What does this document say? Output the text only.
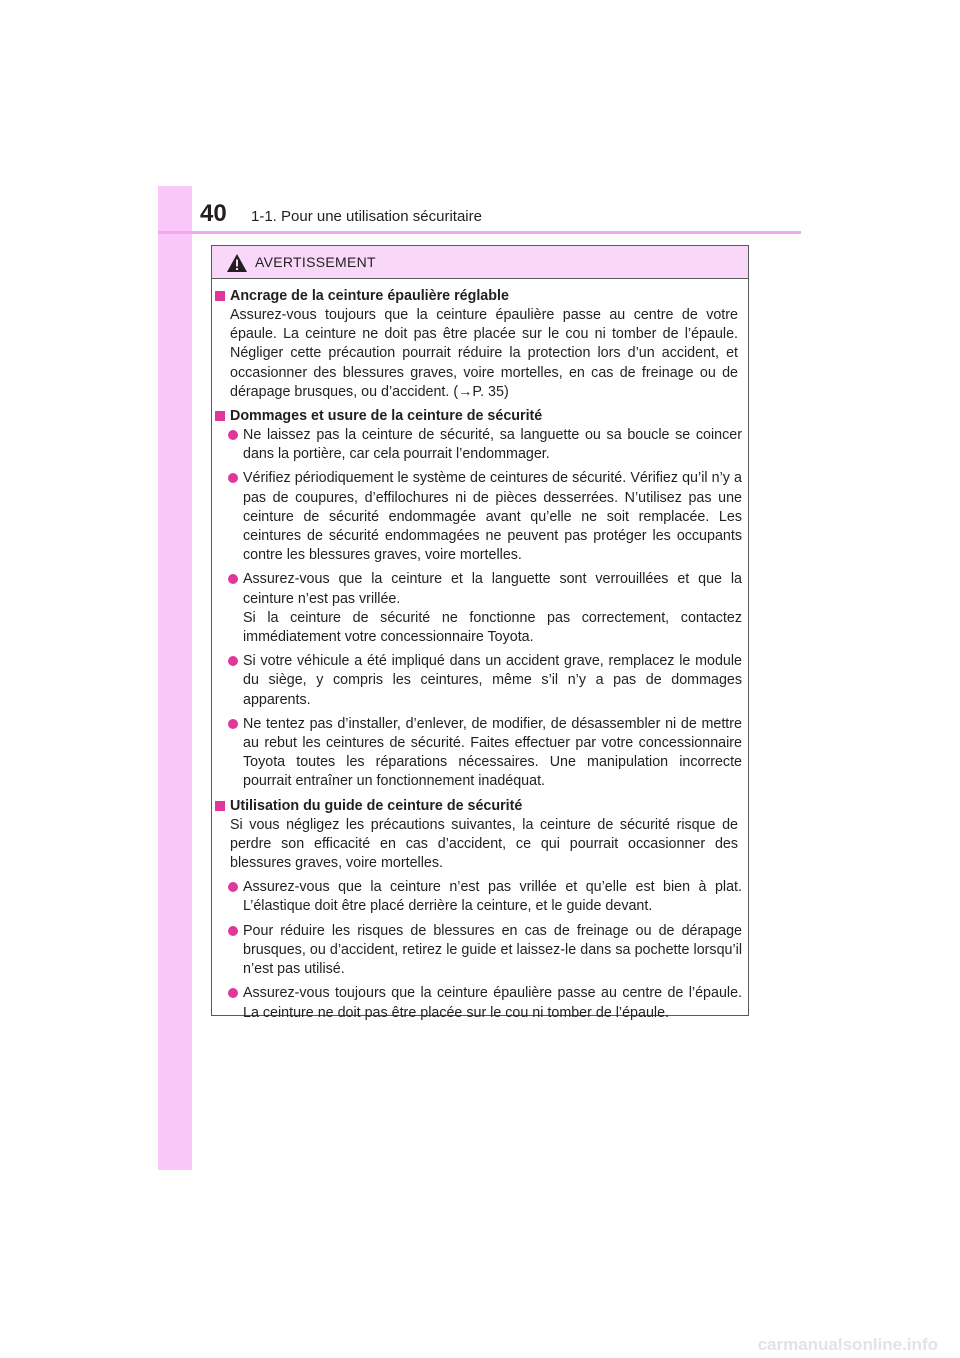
40 1-1. Pour une utilisation sécuritaire
AVERTISSEMENT
Ancrage de la ceinture épaulière réglable
Assurez-vous toujours que la ceinture épaulière passe au centre de votre épaule. La ceinture ne doit pas être placée sur le cou ni tomber de l’épaule. Négliger cette précaution pourrait réduire la protection lors d’un accident, et occasionner des blessures graves, voire mortelles, en cas de freinage ou de dérapage brusques, ou d’accident. (→P. 35)
Dommages et usure de la ceinture de sécurité
Ne laissez pas la ceinture de sécurité, sa languette ou sa boucle se coincer dans la portière, car cela pourrait l’endommager.
Vérifiez périodiquement le système de ceintures de sécurité. Vérifiez qu’il n’y a pas de coupures, d’effilochures ni de pièces desserrées. N’utilisez pas une ceinture de sécurité endommagée avant qu’elle ne soit remplacée. Les ceintures de sécurité endommagées ne peuvent pas protéger les occupants contre les blessures graves, voire mortelles.
Assurez-vous que la ceinture et la languette sont verrouillées et que la ceinture n’est pas vrillée.
Si la ceinture de sécurité ne fonctionne pas correctement, contactez immédiatement votre concessionnaire Toyota.
Si votre véhicule a été impliqué dans un accident grave, remplacez le module du siège, y compris les ceintures, même s’il n’y a pas de dommages apparents.
Ne tentez pas d’installer, d’enlever, de modifier, de désassembler ni de mettre au rebut les ceintures de sécurité. Faites effectuer par votre concessionnaire Toyota toutes les réparations nécessaires. Une manipulation incorrecte pourrait entraîner un fonctionnement inadéquat.
Utilisation du guide de ceinture de sécurité
Si vous négligez les précautions suivantes, la ceinture de sécurité risque de perdre son efficacité en cas d’accident, ce qui pourrait occasionner des blessures graves, voire mortelles.
Assurez-vous que la ceinture n’est pas vrillée et qu’elle est bien à plat. L’élastique doit être placé derrière la ceinture, et le guide devant.
Pour réduire les risques de blessures en cas de freinage ou de dérapage brusques, ou d’accident, retirez le guide et laissez-le dans sa pochette lorsqu’il n’est pas utilisé.
Assurez-vous toujours que la ceinture épaulière passe au centre de l’épaule. La ceinture ne doit pas être placée sur le cou ni tomber de l’épaule.
carmanualsonline.info
